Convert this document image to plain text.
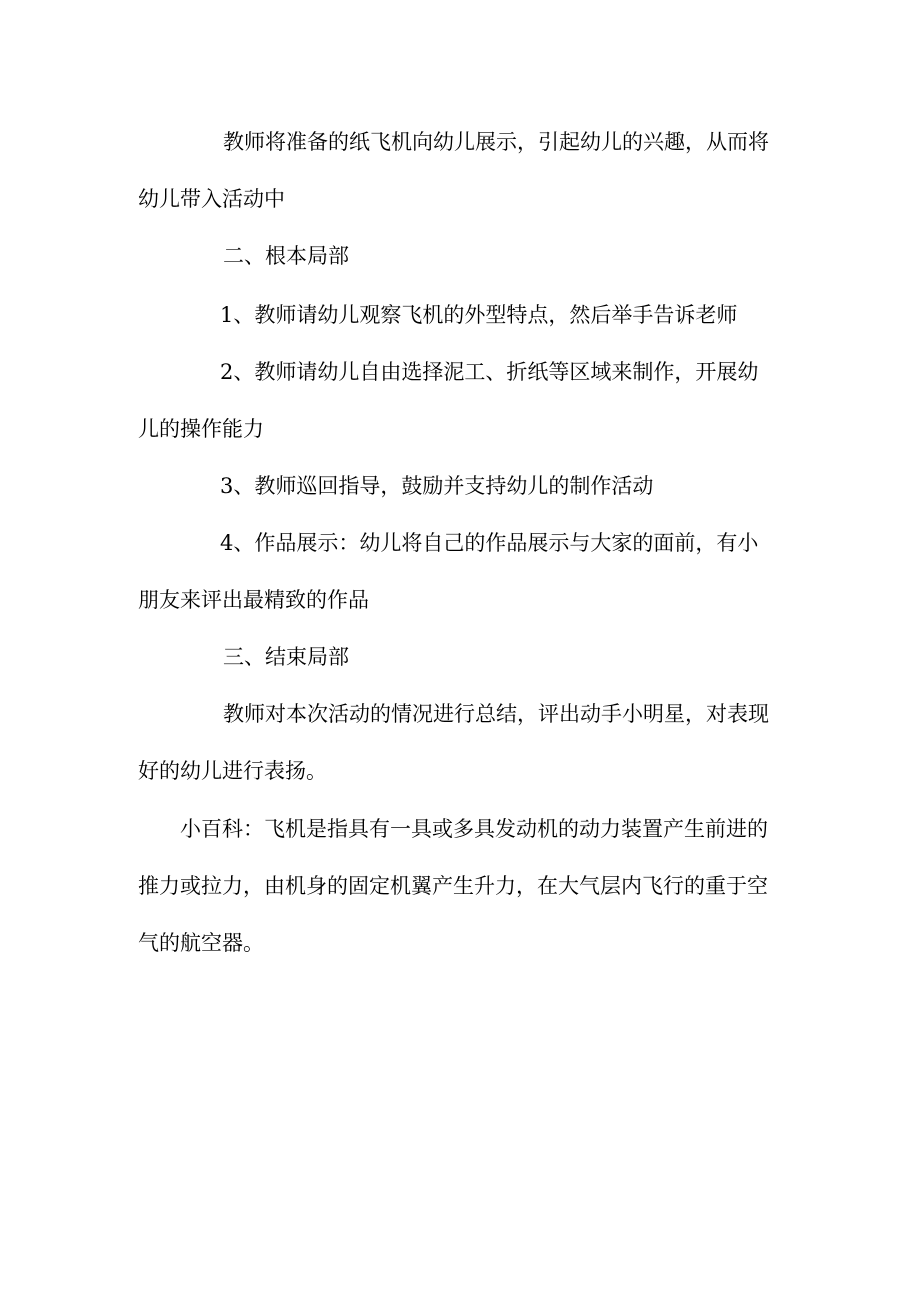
教师将准备的纸飞机向幼儿展示，引起幼儿的兴趣，从而将
幼儿带入活动中
二、根本局部
1、教师请幼儿观察飞机的外型特点，然后举手告诉老师
2、教师请幼儿自由选择泥工、折纸等区域来制作，开展幼
儿的操作能力
3、教师巡回指导，鼓励并支持幼儿的制作活动
4、作品展示：幼儿将自己的作品展示与大家的面前，有小
朋友来评出最精致的作品
三、结束局部
教师对本次活动的情况进行总结，评出动手小明星，对表现
好的幼儿进行表扬。
小百科：飞机是指具有一具或多具发动机的动力装置产生前进的
推力或拉力，由机身的固定机翼产生升力，在大气层内飞行的重于空
气的航空器。
